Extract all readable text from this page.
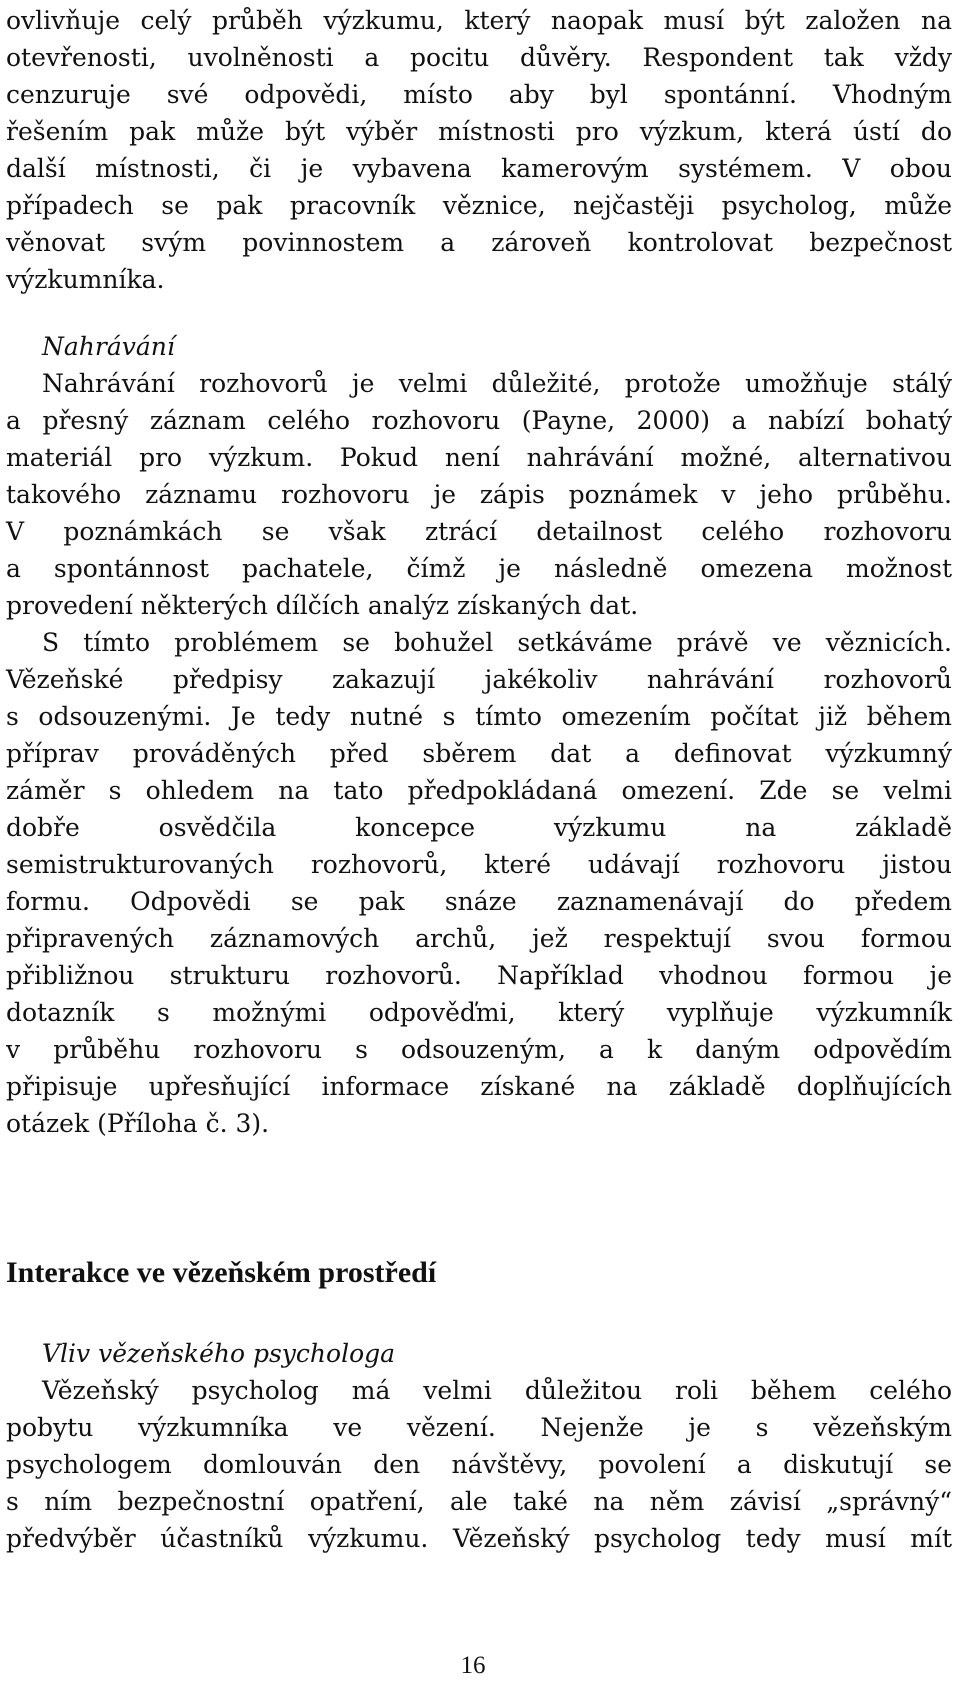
ovlivňuje celý průběh výzkumu, který naopak musí být založen na
otevřenosti, uvolněnosti a pocitu důvěry. Respondent tak vždy
cenzuruje své odpovědi, místo aby byl spontánní. Vhodným
řešením pak může být výběr místnosti pro výzkum, která ústí do
další místnosti, či je vybavena kamerovým systémem. V obou
případech se pak pracovník věznice, nejčastěji psycholog, může
věnovat svým povinnostem a zároveň kontrolovat bezpečnost
výzkumníka.
Nahrávání
Nahrávání rozhovorů je velmi důležité, protože umožňuje stálý
a přesný záznam celého rozhovoru (Payne, 2000) a nabízí bohatý
materiál pro výzkum. Pokud není nahrávání možné, alternativou
takového záznamu rozhovoru je zápis poznámek v jeho průběhu.
V poznámkách se však ztrácí detailnost celého rozhovoru
a spontánnost pachatele, čímž je následně omezena možnost
provedení některých dílčích analýz získaných dat.
S tímto problémem se bohužel setkáváme právě ve věznicích.
Vězeňské předpisy zakazují jakékoliv nahrávání rozhovorů
s odsouzenými. Je tedy nutné s tímto omezením počítat již během
příprav prováděných před sběrem dat a definovat výzkumný
záměr s ohledem na tato předpokládaná omezení. Zde se velmi
dobře osvědčila koncepce výzkumu na základě
semistrukturovaných rozhovorů, které udávají rozhovoru jistou
formu. Odpovědi se pak snáze zaznamenávají do předem
připravených záznamových archů, jež respektují svou formou
přibližnou strukturu rozhovorů. Například vhodnou formou je
dotazník s možnými odpověďmi, který vyplňuje výzkumník
v průběhu rozhovoru s odsouzeným, a k daným odpovědím
připisuje upřesňující informace získané na základě doplňujících
otázek (Příloha č. 3).
Interakce ve vězeňském prostředí
Vliv vězeňského psychologa
Vězeňský psycholog má velmi důležitou roli během celého
pobytu výzkumníka ve vězení. Nejenže je s vězeňským
psychologem domlouván den návštěvy, povolení a diskutují se
s ním bezpečnostní opatření, ale také na něm závisí „správný“
předvýběr účastníků výzkumu. Vězeňský psycholog tedy musí mít
16
